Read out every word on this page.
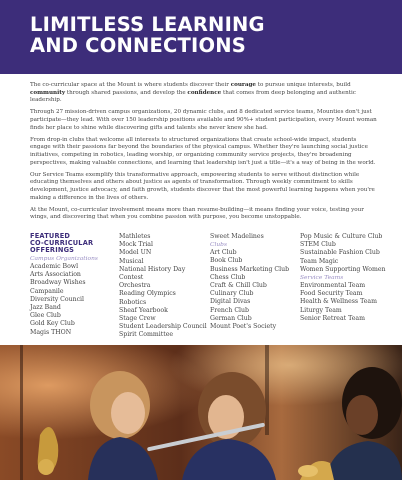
LIMITLESS LEARNING
AND CONNECTIONS

The co-curricular space at the Mount is where students discover their courage to pursue unique interests, build community through shared passions, and develop the confidence that comes from deep belonging and authentic leadership.

Through 27 mission-driven campus organizations, 20 dynamic clubs, and 8 dedicated service teams, Mounties don't just participate—they lead. With over 150 leadership positions available and 90%+ student participation, every Mount woman finds her place to shine while discovering gifts and talents she never knew she had.

From drop-in clubs that welcome all interests to structured organizations that create school-wide impact, students engage with their passions far beyond the boundaries of the physical campus. Whether they're launching social justice initiatives, competing in robotics, leading worship, or organizing community service projects, they're broadening perspectives, making valuable connections, and learning that leadership isn't just a title—it's a way of being in the world.

Our Service Teams exemplify this transformative approach, empowering students to serve without distinction while educating themselves and others about justice as agents of transformation. Through weekly commitment to skills development, justice advocacy, and faith growth, students discover that the most powerful learning happens when you're making a difference in the lives of others.

At the Mount, co-curricular involvement means more than resume-building—it means finding your voice, testing your wings, and discovering that when you combine passion with purpose, you become unstoppable.

FEATURED
CO-CURRICULAR
OFFERINGS
Campus Organizations
Academic Bowl
Arts Association
Broadway Wishes
Campanile
Diversity Council
Jazz Band
Glee Club
Gold Key Club
Magis THON
Mathletes
Mock Trial
Model UN
Musical
National History Day Contest
Orchestra
Reading Olympics
Robotics
Sheaf Yearbook
Stage Crew
Student Leadership Council
Spirit Committee
Sweet Madelines
Clubs
Art Club
Book Club
Business Marketing Club
Chess Club
Craft & Chill Club
Culinary Club
Digital Divas
French Club
German Club
Mount Poet's Society
Pop Music & Culture Club
STEM Club
Sustainable Fashion Club
Team Magic
Women Supporting Women
Service Teams
Environmental Team
Food Security Team
Health & Wellness Team
Liturgy Team
Senior Retreat Team
